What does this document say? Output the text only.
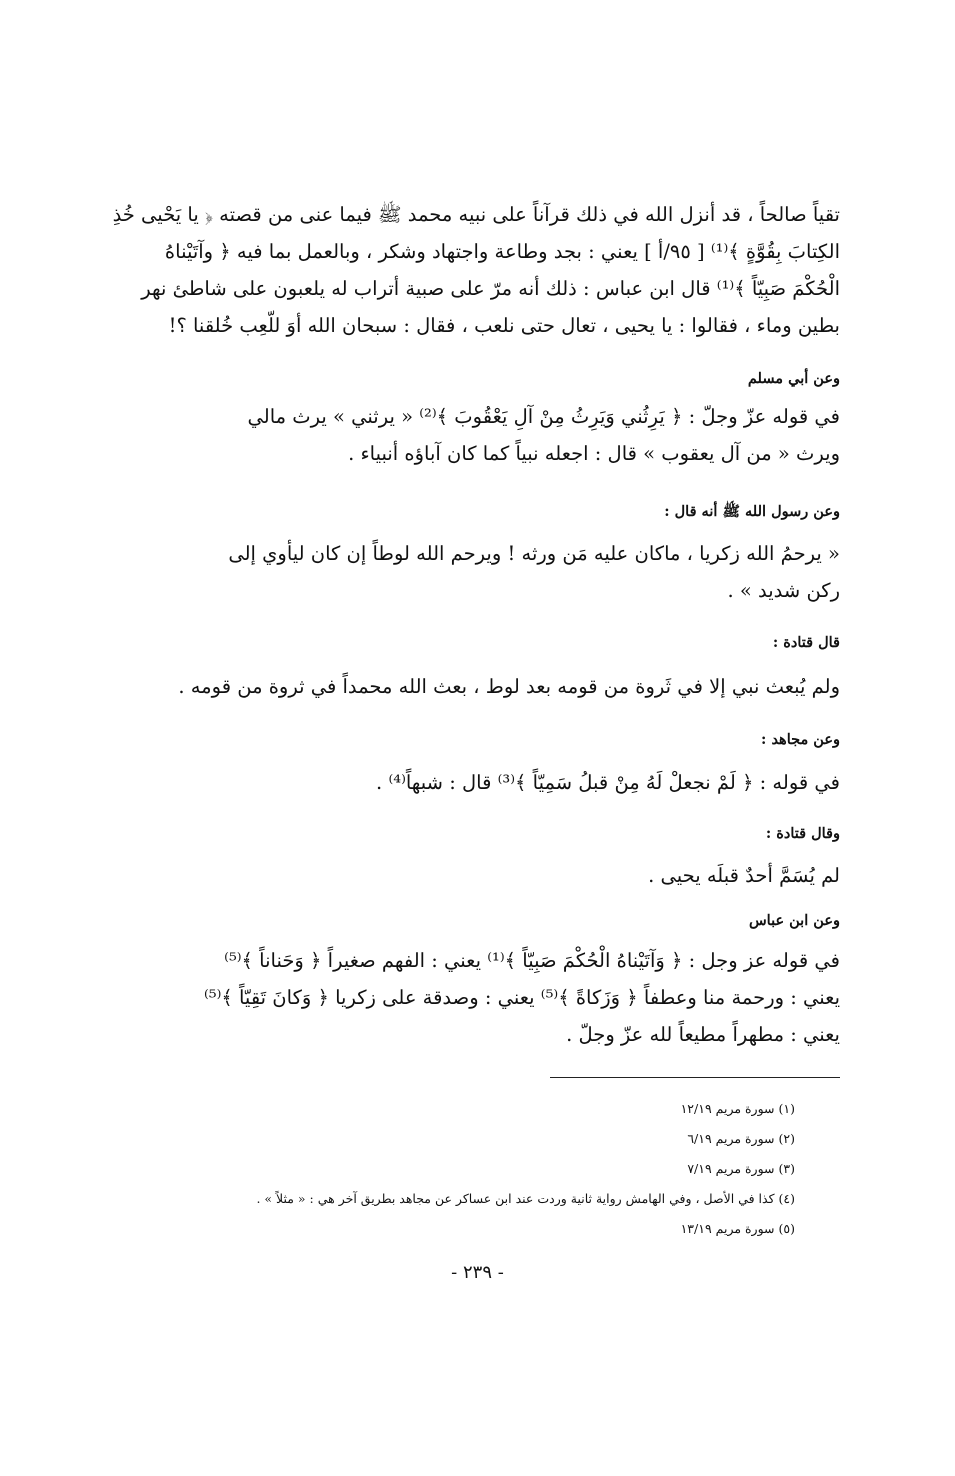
تقياً صالحاً ، قد أنزل الله في ذلك قرآناً على نبيه محمد ﷺ فيما عنى من قصته ﴿ يا يَحْيى خُذِ
الكِتابَ بِقُوَّةٍ ﴾⁽¹⁾ [ ٩٥/أ ] يعني : بجد وطاعة واجتهاد وشكر ، وبالعمل بما فيه ﴿ وآتَيْناهُ
الْحُكْمَ صَبِيّاً ﴾⁽¹⁾ قال ابن عباس : ذلك أنه مرّ على صبية أتراب له يلعبون على شاطئ نهر
بطين وماء ، فقالوا : يا يحيى ، تعال حتى نلعب ، فقال : سبحان الله أوَ للّعِب خُلقنا ؟!

وعن أبي مسلم

في قوله عزّ وجلّ : ﴿ يَرِثُني وَيَرِثُ مِنْ آلِ يَعْقُوبَ ﴾⁽²⁾ « يرثني » يرث مالي
ويرث « من آل يعقوب » قال : اجعله نبياً كما كان آباؤه أنبياء .

وعن رسول الله ﷺ أنه قال :

« يرحمُ الله زكريا ، ماكان عليه مَن ورثه ! ويرحم الله لوطاً إن كان ليأوي إلى
ركن شديد » .

قال قتادة :

ولم يُبعث نبي إلا في ثَروة من قومه بعد لوط ، بعث الله محمداً في ثروة من قومه .

وعن مجاهد :

في قوله : ﴿ لَمْ نجعلْ لَهُ مِنْ قبلُ سَمِيّاً ﴾⁽³⁾ قال : شبهاً⁽⁴⁾ .

وقال قتادة :

لم يُسَمَّ أحدٌ قبلَه يحيى .

وعن ابن عباس

في قوله عز وجل : ﴿ وَآتَيْناهُ الْحُكْمَ صَبِيّاً ﴾⁽¹⁾ يعني : الفهم صغيراً ﴿ وَحَناناً ﴾⁽⁵⁾
يعني : ورحمة منا وعطفاً ﴿ وَزَكاةً ﴾⁽⁵⁾ يعني : وصدقة على زكريا ﴿ وَكانَ تَقِيّاً ﴾⁽⁵⁾
يعني : مطهراً مطيعاً لله عزّ وجلّ .

(١) سورة مريم ١٢/١٩
(٢) سورة مريم ٦/١٩
(٣) سورة مريم ٧/١٩
(٤) كذا في الأصل ، وفي الهامش رواية ثانية وردت عند ابن عساكر عن مجاهد بطريق آخر هي : « مثلاً » .
(٥) سورة مريم ١٣/١٩
- ٢٣٩ -
